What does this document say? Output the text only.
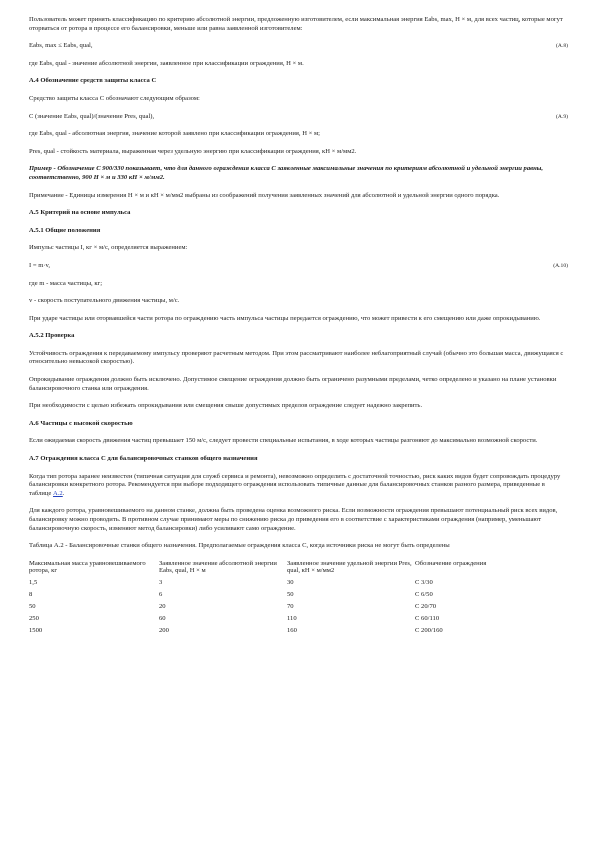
Пользователь может принять классификацию по критерию абсолютной энергии, предложенную изготовителем, если максимальная энергия Eabs, max, Н × м, для всех частиц, которые могут оторваться от ротора в процессе его балансировки, меньше или равна заявленной изготовителем:

Eabs, max ≤ Eabs, qual,	(А.8)

где Eabs, qual - значение абсолютной энергии, заявленное при классификации ограждения, Н × м.

А.4 Обозначение средств защиты класса С

Средство защиты класса С обозначают следующим образом:

С (значение Eabs, qual)/(значение Pres, qual),	(А.9)

где Eabs, qual - абсолютная энергия, значение которой заявлено при классификации ограждения, Н × м;

Pres, qual - стойкость материала, выраженная через удельную энергию при классификации ограждения, кН × м/мм2.

Пример - Обозначение С 900/330 показывает, что для данного ограждения класса С заявленные максимальные значения по критериям абсолютной и удельной энергии равны, соответственно, 900 Н × м и 330 кН × м/мм2.

Примечание - Единицы измерения Н × м и кН × м/мм2 выбраны из соображений получения заявленных значений для абсолютной и удельной энергии одного порядка.

А.5 Критерий на основе импульса
А.5.1 Общие положения

Импульс частицы I, кг × м/с, определяется выражением:

I = m·v,	(А.10)

где m - масса частицы, кг;

v - скорость поступательного движения частицы, м/с.

При ударе частицы или оторвавшейся части ротора по ограждению часть импульса частицы передается ограждению, что может привести к его смещению или даже опрокидыванию.

А.5.2 Проверка

Устойчивость ограждения к передаваемому импульсу проверяют расчетным методом. При этом рассматривают наиболее неблагоприятный случай (обычно это большая масса, движущаяся с относительно невысокой скоростью).

Опрокидывание ограждения должно быть исключено. Допустимое смещение ограждения должно быть ограничено разумными пределами, четко определено и указано на плане установки балансировочного станка или ограждения.

При необходимости с целью избежать опрокидывания или смещения свыше допустимых пределов ограждение следует надежно закрепить.

А.6 Частицы с высокой скоростью

Если ожидаемая скорость движения частиц превышает 150 м/с, следует провести специальные испытания, в ходе которых частицы разгоняют до максимально возможной скорости.

А.7 Ограждения класса С для балансировочных станков общего назначения

Когда тип ротора заранее неизвестен (типичная ситуация для служб сервиса и ремонта), невозможно определить с достаточной точностью, риск каких видов будет сопровождать процедуру балансировки конкретного ротора. Рекомендуется при выборе подходящего ограждения использовать типичные данные для балансировочных станков разного размера, приведенные в таблице А.2.

Для каждого ротора, уравновешиваемого на данном станке, должна быть проведена оценка возможного риска. Если возможности ограждения превышают потенциальный риск всех видов, балансировку можно проводить. В противном случае принимают меры по снижению риска до приведения его в соответствие с характеристиками ограждения (например, уменьшают балансировочную скорость, изменяют метод балансировки) либо усиливают само ограждение.

Таблица А.2 - Балансировочные станки общего назначения. Предполагаемые ограждения класса С, когда источники риска не могут быть определены

Максимальная масса уравновешиваемого ротора, кг	Заявленное значение абсолютной энергии Eabs, qual, Н × м	Заявленное значение удельной энергии Pres, qual, кН × м/мм2	Обозначение ограждения
1,5	3	30	С 3/30
8	6	50	С 6/50
50	20	70	С 20/70
250	60	110	С 60/110
1500	200	160	С 200/160
